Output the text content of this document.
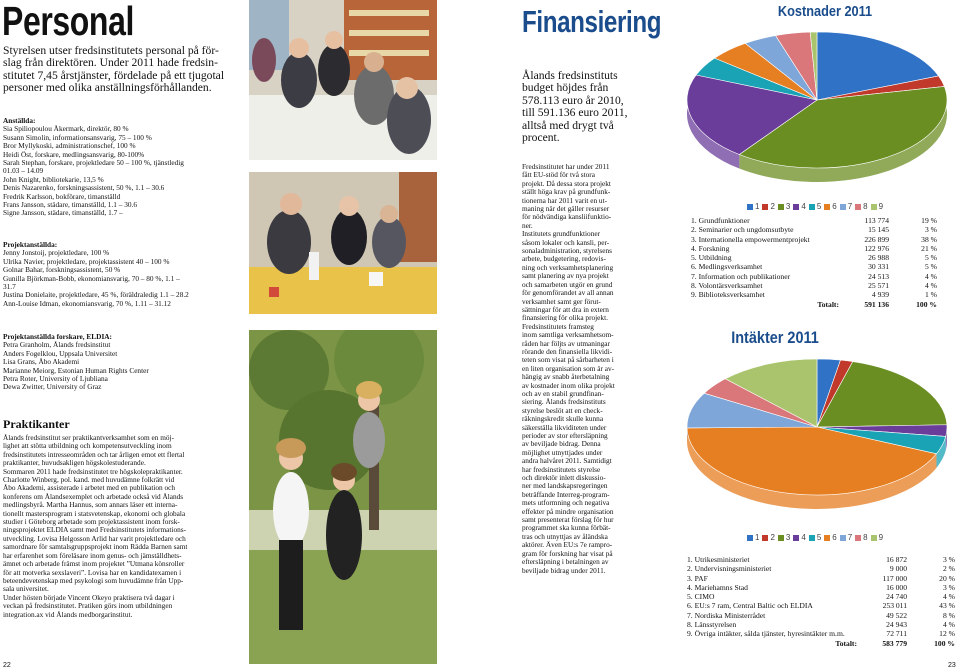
Personal
Styrelsen utser fredsinstitutets personal på för-
slag från direktören. Under 2011 hade fredsin-
stitutet 7,45 årstjänster, fördelade på ett tjugotal
personer med olika anställningsförhållanden.
Anställda:
Sia Spiliopoulou Åkermark, direktör, 80 %
Susann Simolin, informationsansvarig, 75 – 100 %
Bror Myllykoski, administrationschef, 100 %
Heidi Öst, forskare, medlingsansvarig, 80-100%
Sarah Stephan, forskare, projektledare 50 – 100 %, tjänstledig
01.03 – 14.09
John Knight, bibliotekarie, 13,5 %
Denis Nazarenko, forskningsassistent, 50 %, 1.1 – 30.6
Fredrik Karlsson, bokförare, timanställd
Frans Jansson, städare, timanställd, 1.1 – 30.6
Signe Jansson, städare, timanställd, 1.7 –
Projektanställda:
Jenny Jonstoij, projektledare, 100 %
Ulrika Navier, projektledare, projektassistent 40 – 100 %
Golnar Bahar, forskningsassistent, 50 %
Gunilla Björkman-Bobb, ekonomiansvarig, 70 – 80 %, 1.1 –
31.7
Justina Donielaite, projektledare, 45 %, föräldraledig 1.1 – 28.2
Ann-Louise Idman, ekonomiansvarig, 70 %, 1.11 – 31.12
Projektanställda forskare, ELDIA:
Petra Granholm, Ålands fredsinstitut
Anders Fogelklou, Uppsala Universitet
Lisa Grans, Åbo Akademi
Marianne Meiorg, Estonian Human Rights Center
Petra Roter, University of Ljubliana
Dewa Zwitter, University of Graz
Praktikanter
Ålands fredsinstitut ser praktikantverksamhet som en möj-
lighet att stötta utbildning och kompetensutveckling inom
fredsinstitutets intresseområden och tar årligen emot ett flertal
praktikanter, huvudsakligen högskolestuderande.
Sommaren 2011 hade fredsinstitutet tre högskolepraktikanter.
Charlotte Winberg, pol. kand. med huvudämne folkrätt vid
Åbo Akademi, assisterade i arbetet med en publikation och
konferens om Ålandsexemplet och arbetade också vid Ålands
medlingsbyrå. Martha Hannus, som annars läser ett interna-
tionellt mastersprogram i statsvetenskap, ekonomi och globala
studier i Göteborg arbetade som projektassistent inom forsk-
ningsprojektet ELDIA samt med Fredsinstitutets informations-
utveckling. Lovisa Helgosson Arlid har varit projektledare och
samordnare för samtalsgruppsprojekt inom Rädda Barnen samt
har erfarenhet som föreläsare inom genus- och jämställdhets-
ämnet och arbetade främst inom projektet ”Utmana könsroller
för att motverka sexslaveri”. Lovisa har en kandidatexamen i
beteendevetenskap med psykologi som huvudämne från Upp-
sala universitet.
Under hösten började Vincent Okeyo praktisera två dagar i
veckan på fredsinstitutet. Pratiken görs inom utbildningen
integration.ax vid Ålands medborgarinstitut.
22
Finansiering
Ålands fredsinstituts
budget höjdes från
578.113 euro år 2010,
till 591.136 euro 2011,
alltså med drygt två
procent.
Fredsinstitutet har under 2011
fått EU-stöd för två stora
projekt. Då dessa stora projekt
ställt höga krav på grundfunk-
tionerna har 2011 varit en ut-
maning när det gäller resurser
för nödvändiga kansliifunktio-
ner.
Institutets grundfunktioner
såsom lokaler och kansli, per-
sonaladministration, styrelsens
arbete, budgetering, redovis-
ning och verksamhetsplanering
samt planering av nya projekt
och samarbeten utgör en grund
för genomförandet av all annan
verksamhet samt ger förut-
sättningar för att dra in extern
finansiering för olika projekt.
Fredsinstitutets framsteg
inom samtliga verksamhetsom-
råden har följts av utmaningar
rörande den finansiella likvidi-
teten som visat på sårbarheten i
en liten organisation som är av-
hängig av snabb återbetalning
av kostnader inom olika projekt
och av en stabil grundfinan-
siering. Ålands fredsinstituts
styrelse beslöt att en check-
räkningskredit skulle kunna
säkerställa likviditeten under
perioder av stor eftersläpning
av beviljade bidrag. Denna
möjlighet utnyttjades under
andra halvåret 2011. Samtidigt
har fredsinstitutets styrelse
och direktör inlett diskussio-
ner med landskapsregeringen
beträffande Interreg-program-
mets utformning och negativa
effekter på mindre organisation
samt presenterat förslag för hur
programmet ska kunna förbät-
tras och utnyttjas av åländska
aktörer. Även EU:s 7e rampro-
gram för forskning har visat på
eftersläpning i betalningen av
beviljade bidrag under 2011.
23
Kostnader 2011
1 2 3 4 5 6 7 8 9
1. Grundfunktioner	113 774	19 %
2. Seminarier och ungdomsutbyte	15 145	3 %
3. Internationella empowermentprojekt	226 899	38 %
4. Forskning	122 976	21 %
5. Utbildning	26 988	5 %
6. Medlingsverksamhet	30 331	5 %
7. Information och publikationer	24 513	4 %
8. Volontärsverksamhet	25 571	4 %
9. Biblioteksverksamhet	4 939	1 %
Totalt:	591 136	100 %
Intäkter 2011
1 2 3 4 5 6 7 8 9
1. Utrikesministeriet	16 872	3 %
2. Undervisningsministeriet	9 000	2 %
3. PAF	117 000	20 %
4. Mariehamns Stad	16 000	3 %
5. CIMO	24 740	4 %
6. EU:s 7 ram, Central Baltic och ELDIA	253 011	43 %
7. Nordiska Ministerrådet	49 522	8 %
8. Länsstyrelsen	24 943	4 %
9. Övriga intäkter, sålda tjänster, hyresintäkter m.m.	72 711	12 %
Totalt:	583 779	100 %
